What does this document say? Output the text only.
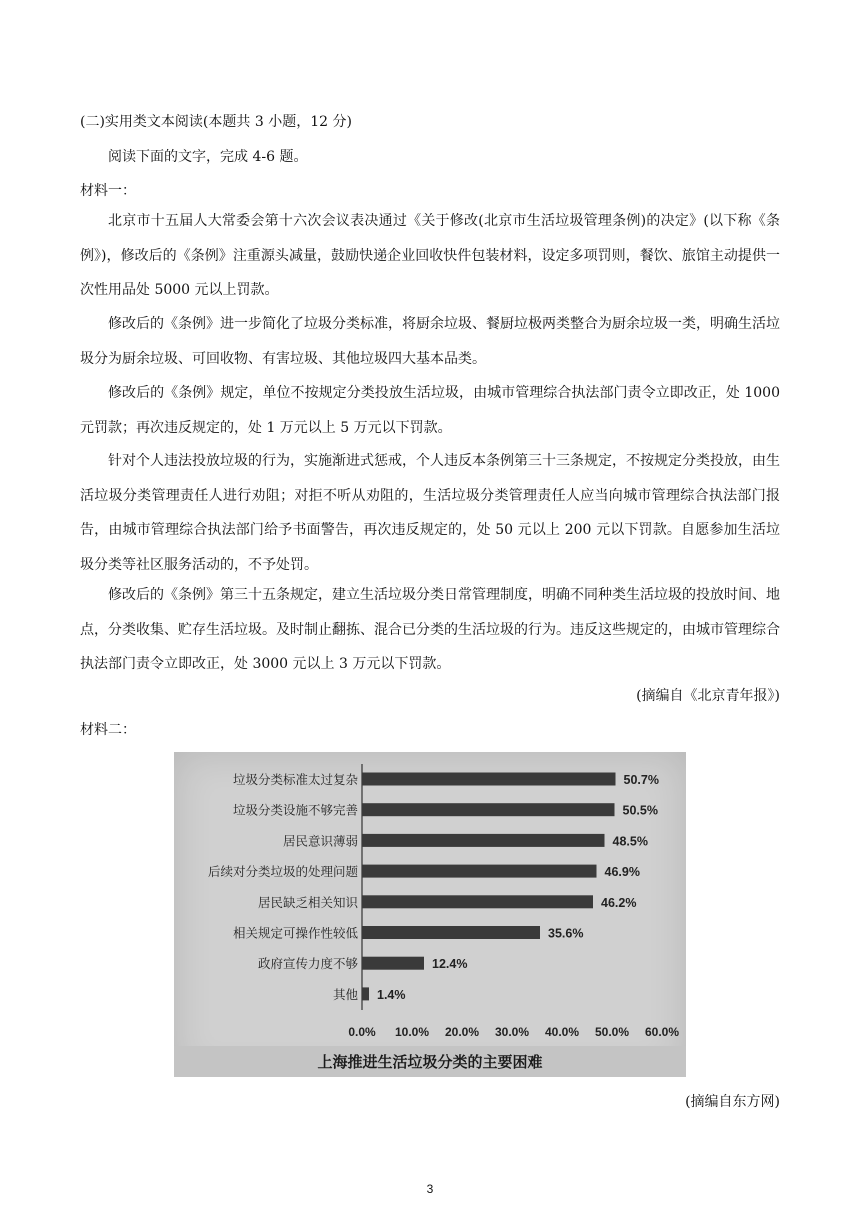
(二)实用类文本阅读(本题共 3 小题，12 分)
阅读下面的文字，完成 4-6 题。
材料一：
北京市十五届人大常委会第十六次会议表决通过《关于修改(北京市生活垃圾管理条例)的决定》(以下称《条例》)，修改后的《条例》注重源头减量，鼓励快递企业回收快件包装材料，设定多项罚则，餐饮、旅馆主动提供一次性用品处 5000 元以上罚款。
修改后的《条例》进一步简化了垃圾分类标准，将厨余垃圾、餐厨垃极两类整合为厨余垃圾一类，明确生活垃圾分为厨余垃圾、可回收物、有害垃圾、其他垃圾四大基本品类。
修改后的《条例》规定，单位不按规定分类投放生活垃圾，由城市管理综合执法部门责令立即改正，处 1000 元罚款；再次违反规定的，处 1 万元以上 5 万元以下罚款。
针对个人违法投放垃圾的行为，实施渐进式惩戒，个人违反本条例第三十三条规定，不按规定分类投放，由生活垃圾分类管理责任人进行劝阻；对拒不听从劝阻的，生活垃圾分类管理责任人应当向城市管理综合执法部门报告，由城市管理综合执法部门给予书面警告，再次违反规定的，处 50 元以上 200 元以下罚款。自愿参加生活垃圾分类等社区服务活动的，不予处罚。
修改后的《条例》第三十五条规定，建立生活垃圾分类日常管理制度，明确不同种类生活垃圾的投放时间、地点，分类收集、贮存生活垃圾。及时制止翻拣、混合已分类的生活垃圾的行为。违反这些规定的，由城市管理综合执法部门责令立即改正，处 3000 元以上 3 万元以下罚款。
(摘编自《北京青年报》)
材料二：
垃圾分类标准太过复杂	50.7%
垃圾分类设施不够完善	50.5%
居民意识薄弱	48.5%
后续对分类垃圾的处理问题	46.9%
居民缺乏相关知识	46.2%
相关规定可操作性较低	35.6%
政府宣传力度不够	12.4%
其他 1.4%
0.0% 10.0% 20.0% 30.0% 40.0% 50.0% 60.0%
上海推进生活垃圾分类的主要困难
(摘编自东方网)
3
